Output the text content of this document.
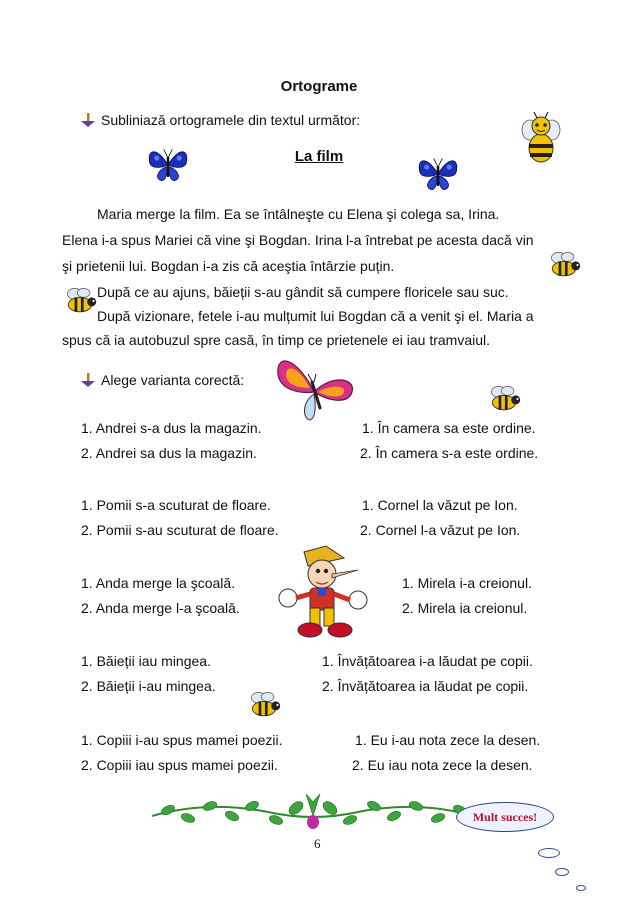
Ortograme
Subliniază ortogramele din textul următor:
La film
Maria merge la film. Ea se întâlneşte cu Elena şi colega sa, Irina.
Elena i-a spus Mariei că vine şi Bogdan. Irina l-a întrebat pe acesta dacă vin
şi prietenii lui. Bogdan i-a zis că aceştia întârzie puțin.
După ce au ajuns, băieții s-au gândit să cumpere floricele sau suc.
După vizionare, fetele i-au mulțumit lui Bogdan că a venit şi el. Maria a
spus că ia autobuzul spre casă, în timp ce prietenele ei iau tramvaiul.
Alege varianta corectă:
1. Andrei s-a dus la magazin.
2. Andrei sa dus la magazin.
1. În camera sa este ordine.
2. În camera s-a este ordine.
1. Pomii s-a scuturat de floare.
2. Pomii s-au scuturat de floare.
1. Cornel la văzut pe Ion.
2. Cornel l-a văzut pe Ion.
1. Anda merge la şcoală.
2. Anda merge l-a şcoală.
1. Mirela i-a creionul.
2. Mirela ia creionul.
1. Băieții iau mingea.
2. Băieții i-au mingea.
1. Învățătoarea i-a lăudat pe copii.
2. Învățătoarea ia lăudat pe copii.
1. Copiii i-au spus mamei poezii.
2. Copiii iau spus mamei poezii.
1. Eu i-au nota zece la desen.
2. Eu iau nota zece la desen.
Mult succes!
6
